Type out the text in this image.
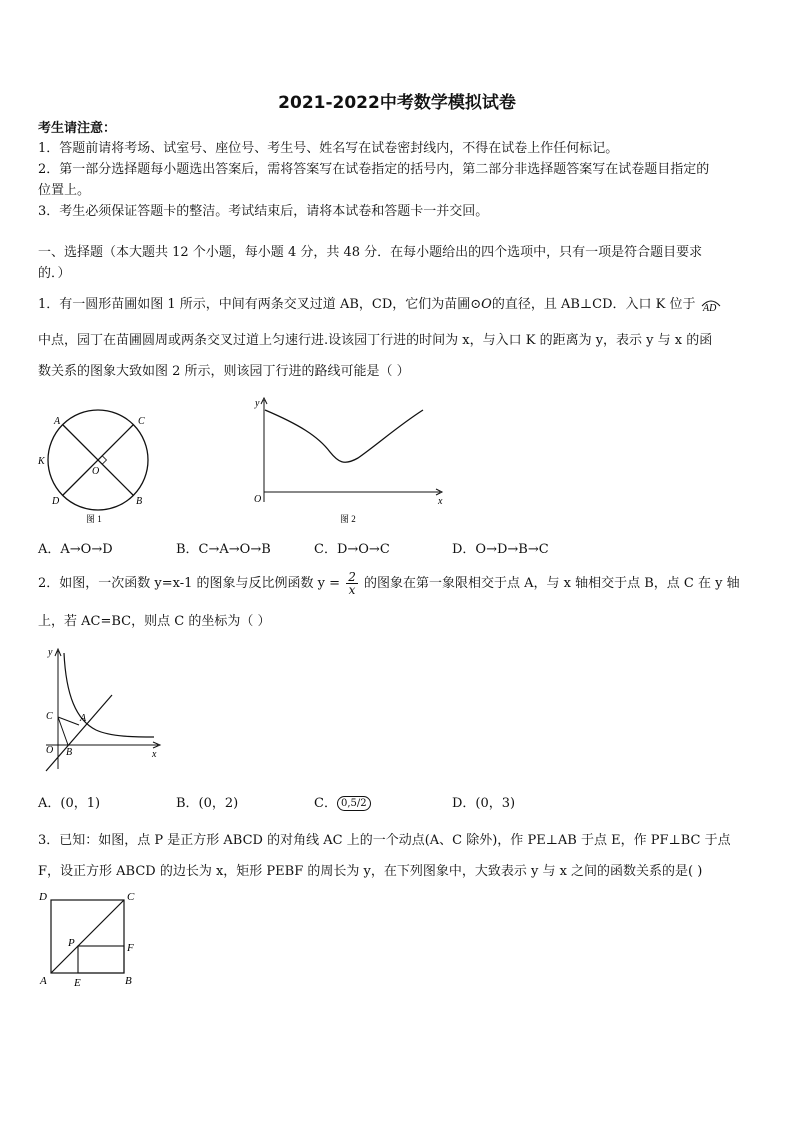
2021-2022中考数学模拟试卷
考生请注意：
1．答题前请将考场、试室号、座位号、考生号、姓名写在试卷密封线内，不得在试卷上作任何标记。
2．第一部分选择题每小题选出答案后，需将答案写在试卷指定的括号内，第二部分非选择题答案写在试卷题目指定的
位置上。
3．考生必须保证答题卡的整洁。考试结束后，请将本试卷和答题卡一并交回。
一、选择题（本大题共 12 个小题，每小题 4 分，共 48 分．在每小题给出的四个选项中，只有一项是符合题目要求
的．）
1．有一圆形苗圃如图 1 所示，中间有两条交叉过道 AB，CD，它们为苗圃⊙O的直径，且 AB⊥CD．入口 K 位于 AD
中点，园丁在苗圃圆周或两条交叉过道上匀速行进.设该园丁行进的时间为 x，与入口 K 的距离为 y，表示 y 与 x 的函
数关系的图象大致如图 2 所示，则该园丁行进的路线可能是（ ）
A	C
K
O
D	B
图 1
y
O	x
图 2
A．A→O→D	B．C→A→O→B	C．D→O→C	D．O→D→B→C
2．如图，一次函数 y=x-1 的图象与反比例函数 $y = \frac{2}{x}$ 的图象在第一象限相交于点 A，与 x 轴相交于点 B，点 C 在 y 轴
上，若 AC=BC，则点 C 的坐标为（ ）
y
C	A
O B	x
A．(0，1)	B．(0，2)	C． 0,5/2	D．(0，3)
3．已知：如图，点 P 是正方形 ABCD 的对角线 AC 上的一个动点(A、C 除外)，作 PE⊥AB 于点 E，作 PF⊥BC 于点
F，设正方形 ABCD 的边长为 x，矩形 PEBF 的周长为 y，在下列图象中，大致表示 y 与 x 之间的函数关系的是( )
D	C
P	F
A E	B
